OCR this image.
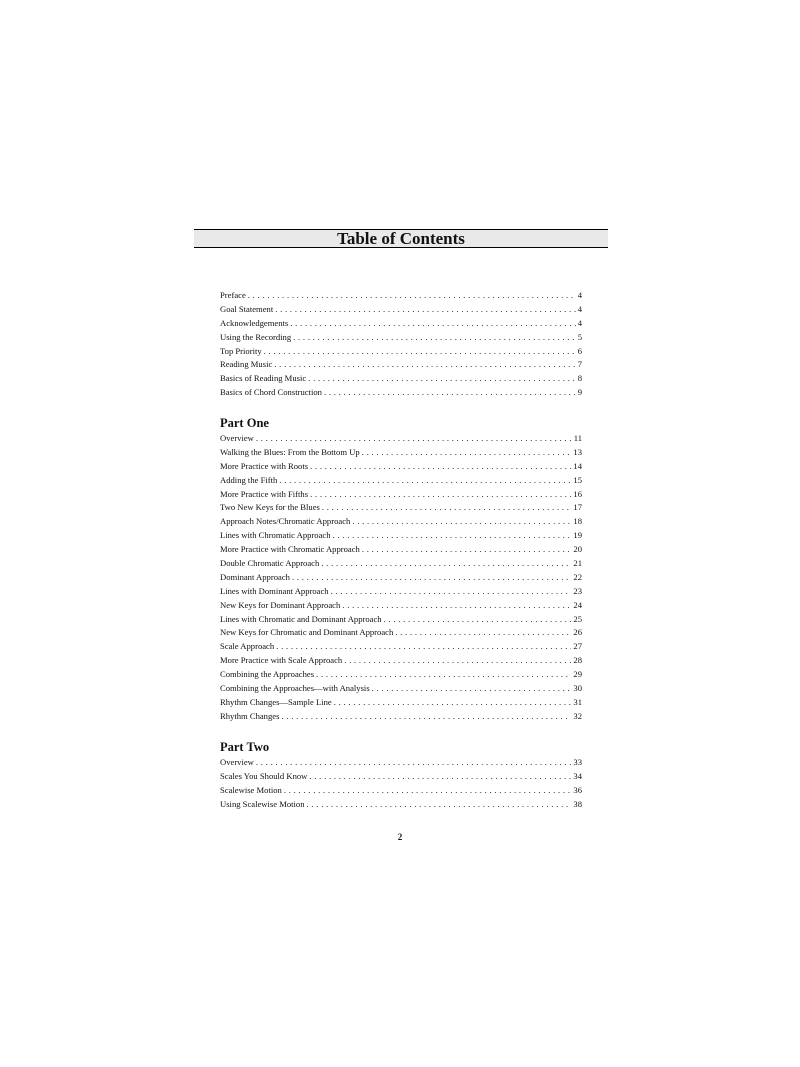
Table of Contents
Preface . . .	4
Goal Statement . . .	4
Acknowledgements . . .	4
Using the Recording . . .	5
Top Priority . . .	6
Reading Music . . .	7
Basics of Reading Music . . .	8
Basics of Chord Construction . . .	9
Part One
Overview . . .	11
Walking the Blues: From the Bottom Up . . .	13
More Practice with Roots . . .	14
Adding the Fifth . . .	15
More Practice with Fifths . . .	16
Two New Keys for the Blues . . .	17
Approach Notes/Chromatic Approach . . .	18
Lines with Chromatic Approach . . .	19
More Practice with Chromatic Approach . . .	20
Double Chromatic Approach . . .	21
Dominant Approach . . .	22
Lines with Dominant Approach . . .	23
New Keys for Dominant Approach . . .	24
Lines with Chromatic and Dominant Approach . . .	25
New Keys for Chromatic and Dominant Approach . . .	26
Scale Approach . . .	27
More Practice with Scale Approach . . .	28
Combining the Approaches . . .	29
Combining the Approaches—with Analysis . . .	30
Rhythm Changes—Sample Line . . .	31
Rhythm Changes . . .	32
Part Two
Overview . . .	33
Scales You Should Know . . .	34
Scalewise Motion . . .	36
Using Scalewise Motion . . .	38
2
